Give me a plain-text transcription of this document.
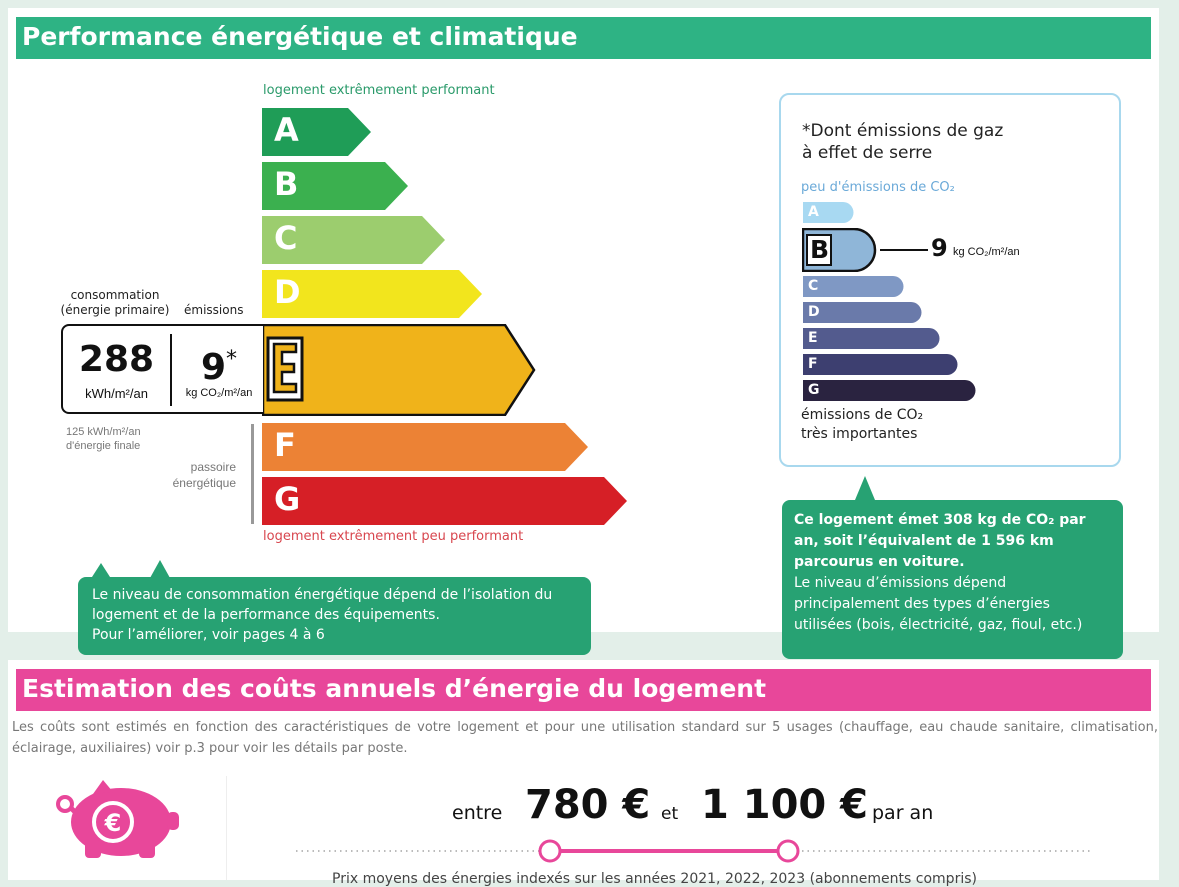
Performance énergétique et climatique
logement extrêmement performant
A
B
C
D
F
G
logement extrêmement peu performant
consommation
(énergie primaire) émissions
288
kWh/m²/an
9*
kg CO₂/m²/an
125 kWh/m²/an
d'énergie finale
passoire
énergétique
Le niveau de consommation énergétique dépend de l’isolation du logement et de la performance des équipements.
Pour l’améliorer, voir pages 4 à 6
*Dont émissions de gaz
à effet de serre
peu d'émissions de CO₂
A
B	9 kg CO₂/m²/an
C
D
E
F
G
émissions de CO₂
très importantes
Ce logement émet 308 kg de CO₂ par an, soit l’équivalent de 1 596 km parcourus en voiture.
Le niveau d’émissions dépend principalement des types d’énergies utilisées (bois, électricité, gaz, fioul, etc.)
Estimation des coûts annuels d’énergie du logement
Les coûts sont estimés en fonction des caractéristiques de votre logement et pour une utilisation standard sur 5 usages (chauffage, eau chaude sanitaire, climatisation, éclairage, auxiliaires) voir p.3 pour voir les détails par poste.
€	entre 780 € et 1 100 € par an
Prix moyens des énergies indexés sur les années 2021, 2022, 2023 (abonnements compris)
